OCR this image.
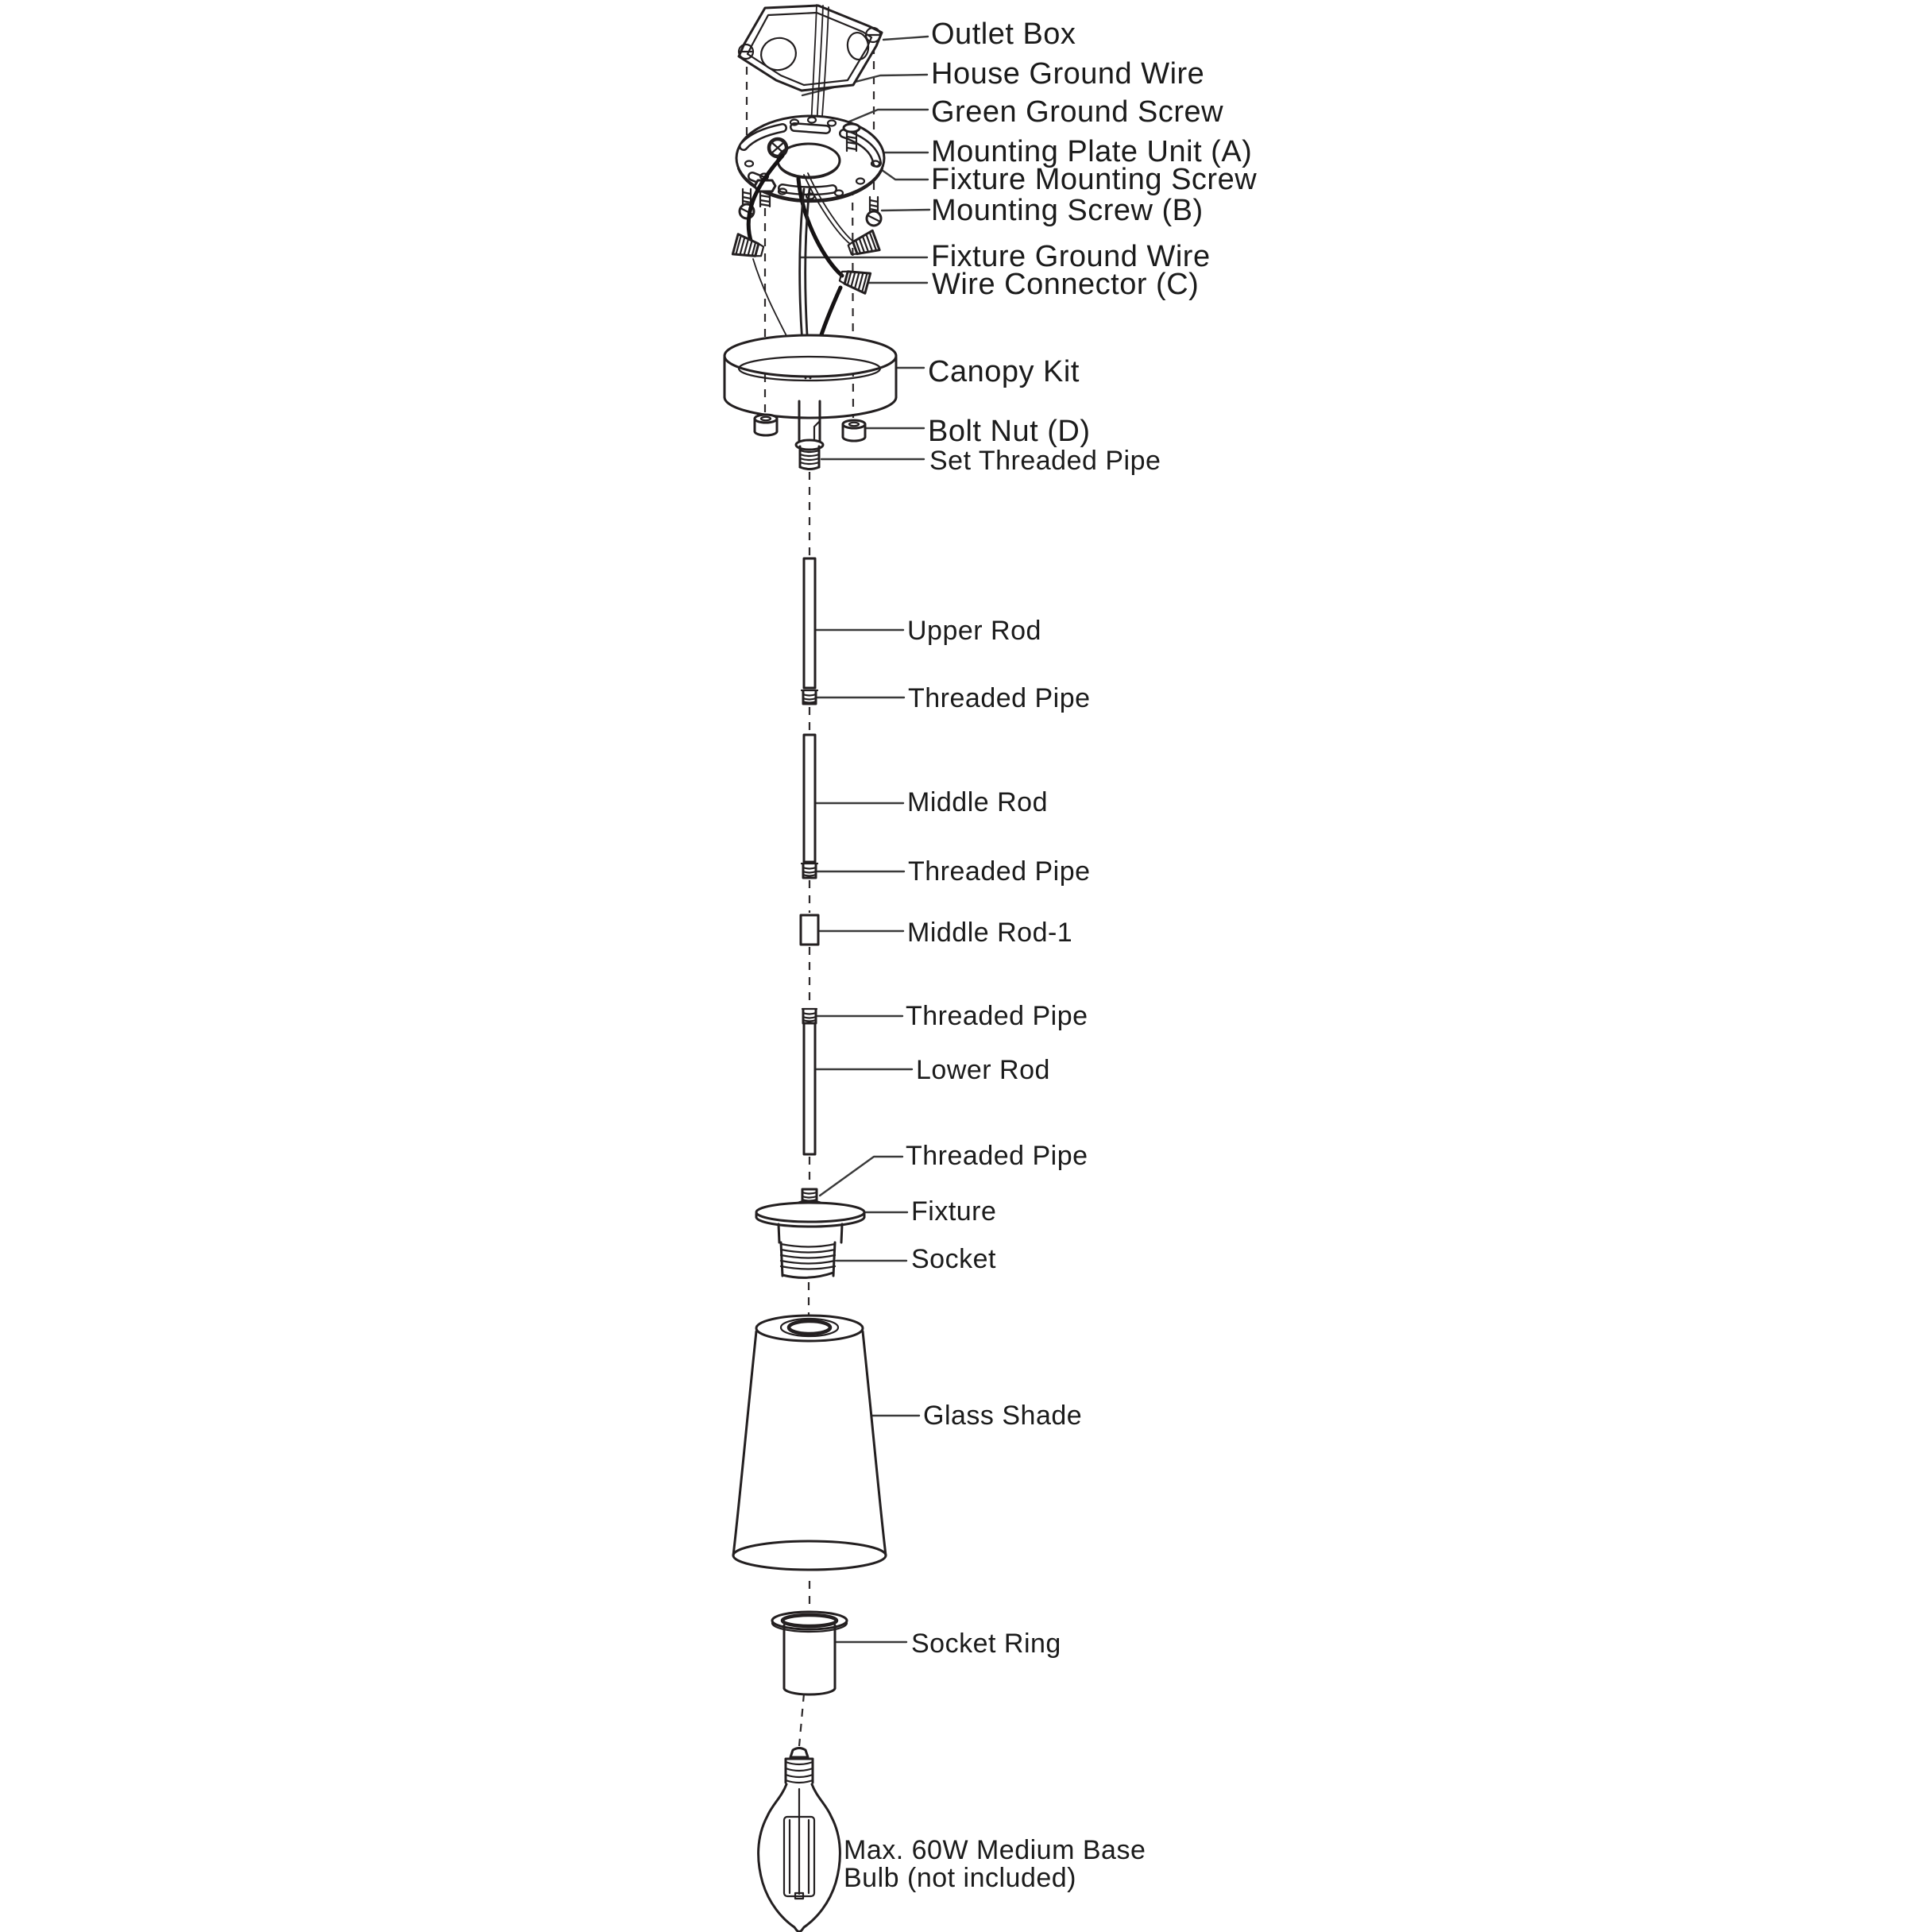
Outlet Box
House Ground Wire
Green Ground Screw
Mounting Plate Unit (A)
Fixture Mounting Screw
Mounting Screw (B)
Fixture Ground Wire
Wire Connector (C)
Canopy Kit
Bolt Nut (D)
Set Threaded Pipe
Upper Rod
Threaded Pipe
Middle Rod
Threaded Pipe
Middle Rod-1
Threaded Pipe
Lower Rod
Threaded Pipe
Fixture
Socket
Glass Shade
Socket Ring
Max. 60W Medium Base
Bulb (not included)
